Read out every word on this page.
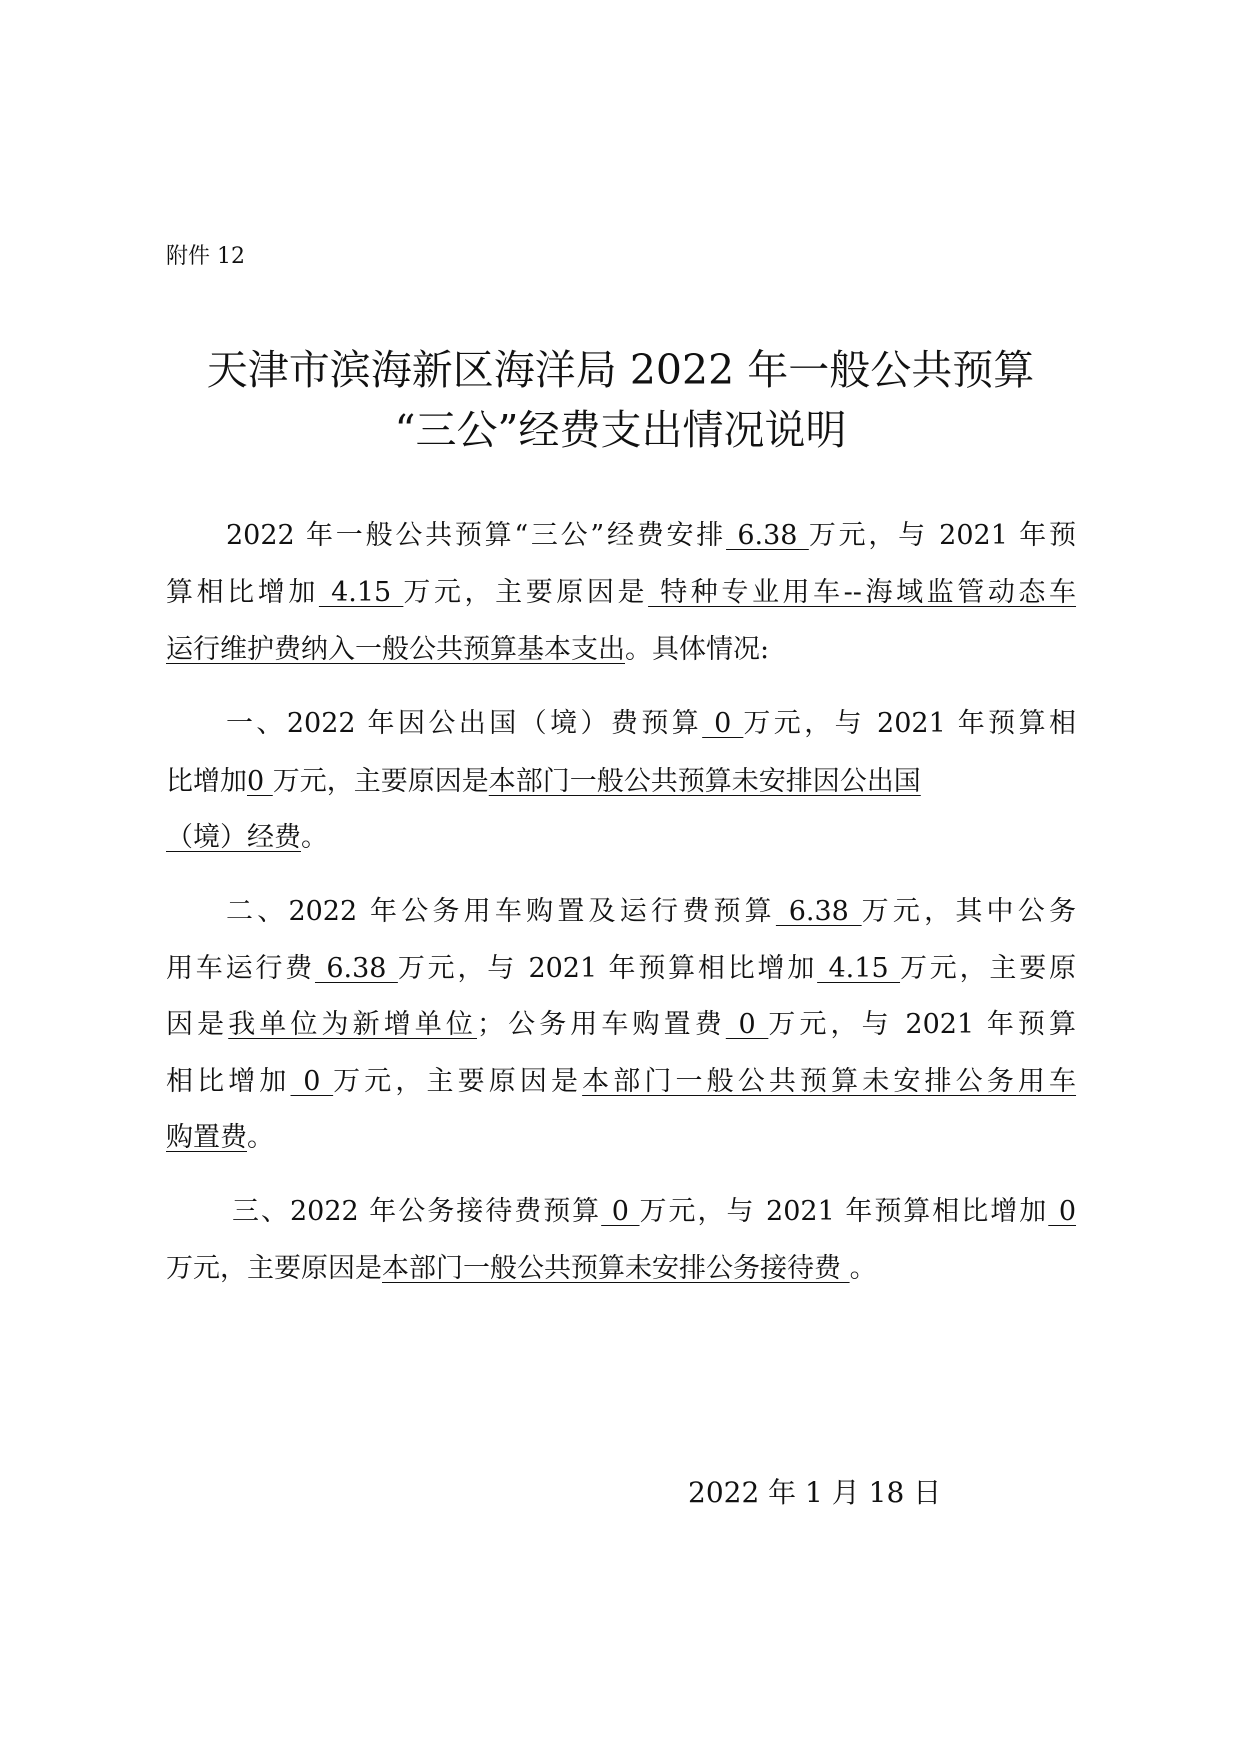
附件 12
天津市滨海新区海洋局 2022 年一般公共预算
“三公”经费支出情况说明
2022 年一般公共预算“三公”经费安排 6.38 万元，与 2021 年预
算相比增加 4.15 万元，主要原因是 特种专业用车--海域监管动态车
运行维护费纳入一般公共预算基本支出。具体情况:
一、2022 年因公出国（境）费预算 0 万元，与 2021 年预算相
比增加0 万元，主要原因是本部门一般公共预算未安排因公出国
（境）经费。
二、2022 年公务用车购置及运行费预算 6.38 万元，其中公务
用车运行费 6.38 万元，与 2021 年预算相比增加 4.15 万元，主要原
因是我单位为新增单位；公务用车购置费 0 万元，与 2021 年预算
相比增加 0 万元，主要原因是本部门一般公共预算未安排公务用车
购置费。
三、2022 年公务接待费预算 0 万元，与 2021 年预算相比增加 0
万元，主要原因是本部门一般公共预算未安排公务接待费 。
2022 年 1 月 18 日
